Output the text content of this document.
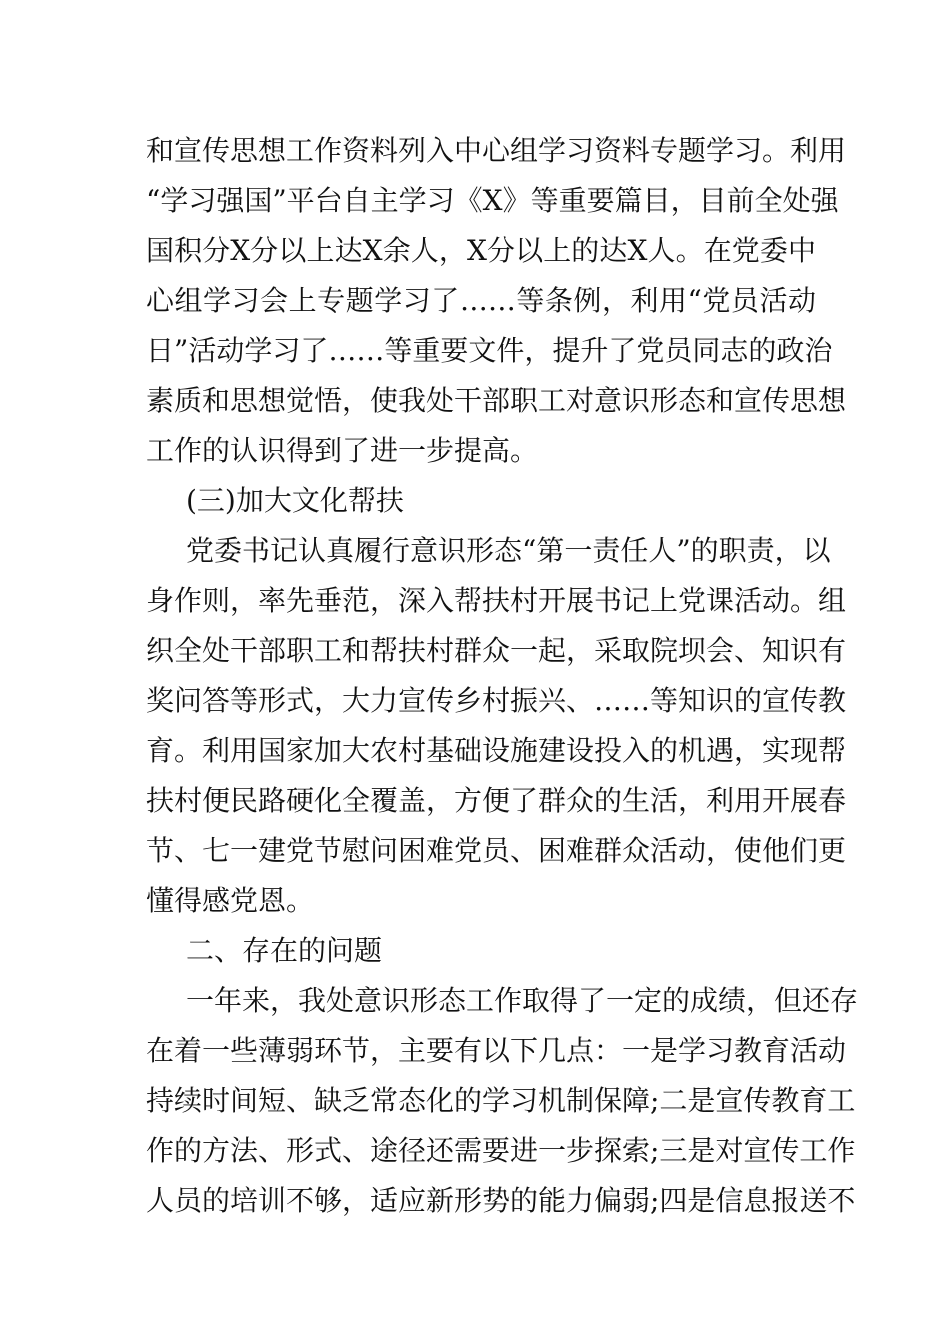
和宣传思想工作资料列入中心组学习资料专题学习。利用
“学习强国”平台自主学习《X》等重要篇目，目前全处强
国积分X分以上达X余人，X分以上的达X人。在党委中
心组学习会上专题学习了……等条例，利用“党员活动
日”活动学习了……等重要文件，提升了党员同志的政治
素质和思想觉悟，使我处干部职工对意识形态和宣传思想
工作的认识得到了进一步提高。
(三)加大文化帮扶
党委书记认真履行意识形态“第一责任人”的职责，以
身作则，率先垂范，深入帮扶村开展书记上党课活动。组
织全处干部职工和帮扶村群众一起，采取院坝会、知识有
奖问答等形式，大力宣传乡村振兴、……等知识的宣传教
育。利用国家加大农村基础设施建设投入的机遇，实现帮
扶村便民路硬化全覆盖，方便了群众的生活，利用开展春
节、七一建党节慰问困难党员、困难群众活动，使他们更
懂得感党恩。
二、存在的问题
一年来，我处意识形态工作取得了一定的成绩，但还存
在着一些薄弱环节，主要有以下几点：一是学习教育活动
持续时间短、缺乏常态化的学习机制保障;二是宣传教育工
作的方法、形式、途径还需要进一步探索;三是对宣传工作
人员的培训不够，适应新形势的能力偏弱;四是信息报送不
